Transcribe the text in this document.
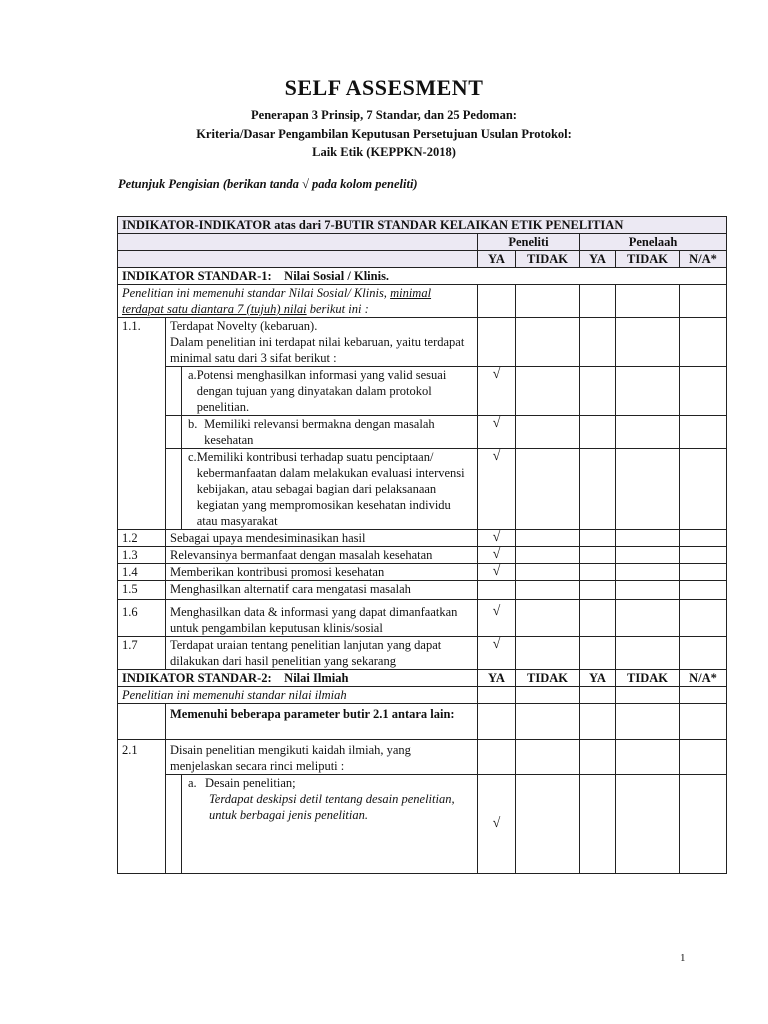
SELF ASSESMENT
Penerapan 3 Prinsip, 7 Standar, dan 25 Pedoman:
Kriteria/Dasar Pengambilan Keputusan Persetujuan Usulan Protokol:
Laik Etik (KEPPKN-2018)
Petunjuk Pengisian (berikan tanda √ pada kolom peneliti)
INDIKATOR-INDIKATOR atas dari 7-BUTIR STANDAR KELAIKAN ETIK PENELITIAN							
			Peneliti		Penelaah		
			YA	TIDAK	YA	TIDAK	N/A*
INDIKATOR STANDAR-1: Nilai Sosial / Klinis.							
Penelitian ini memenuhi standar Nilai Sosial/ Klinis, minimal terdapat satu diantara 7 (tujuh) nilai berikut ini :							
1.1.	Terdapat Novelty (kebaruan).
Dalam penelitian ini terdapat nilai kebaruan, yaitu terdapat minimal satu dari 3 sifat berikut :						

		a. Potensi menghasilkan informasi yang valid sesuai dengan tujuan yang dinyatakan dalam protokol penelitian.	√				

		b. Memiliki relevansi bermakna dengan masalah kesehatan	√				

		c. Memiliki kontribusi terhadap suatu penciptaan/ kebermanfaatan dalam melakukan evaluasi intervensi kebijakan, atau sebagai bagian dari pelaksanaan kegiatan yang mempromosikan kesehatan individu atau masyarakat	√				
1.2	Sebagai upaya mendesiminasikan hasil		√				
1.3	Relevansinya bermanfaat dengan masalah kesehatan		√				
1.4	Memberikan kontribusi promosi kesehatan		√				
1.5	Menghasilkan alternatif cara mengatasi masalah						
1.6	Menghasilkan data & informasi yang dapat dimanfaatkan untuk pengambilan keputusan klinis/sosial		√				
1.7	Terdapat uraian tentang penelitian lanjutan yang dapat dilakukan dari hasil penelitian yang sekarang		√				
INDIKATOR STANDAR-2: Nilai Ilmiah			YA	TIDAK	YA	TIDAK	N/A*
Penelitian ini memenuhi standar nilai ilmiah							
	Memenuhi beberapa parameter butir 2.1 antara lain:						
2.1	Disain penelitian mengikuti kaidah ilmiah, yang menjelaskan secara rinci meliputi :						

		a. Desain penelitian;
Terdapat deskipsi detil tentang desain penelitian, untuk berbagai jenis penelitian.	√				
1
